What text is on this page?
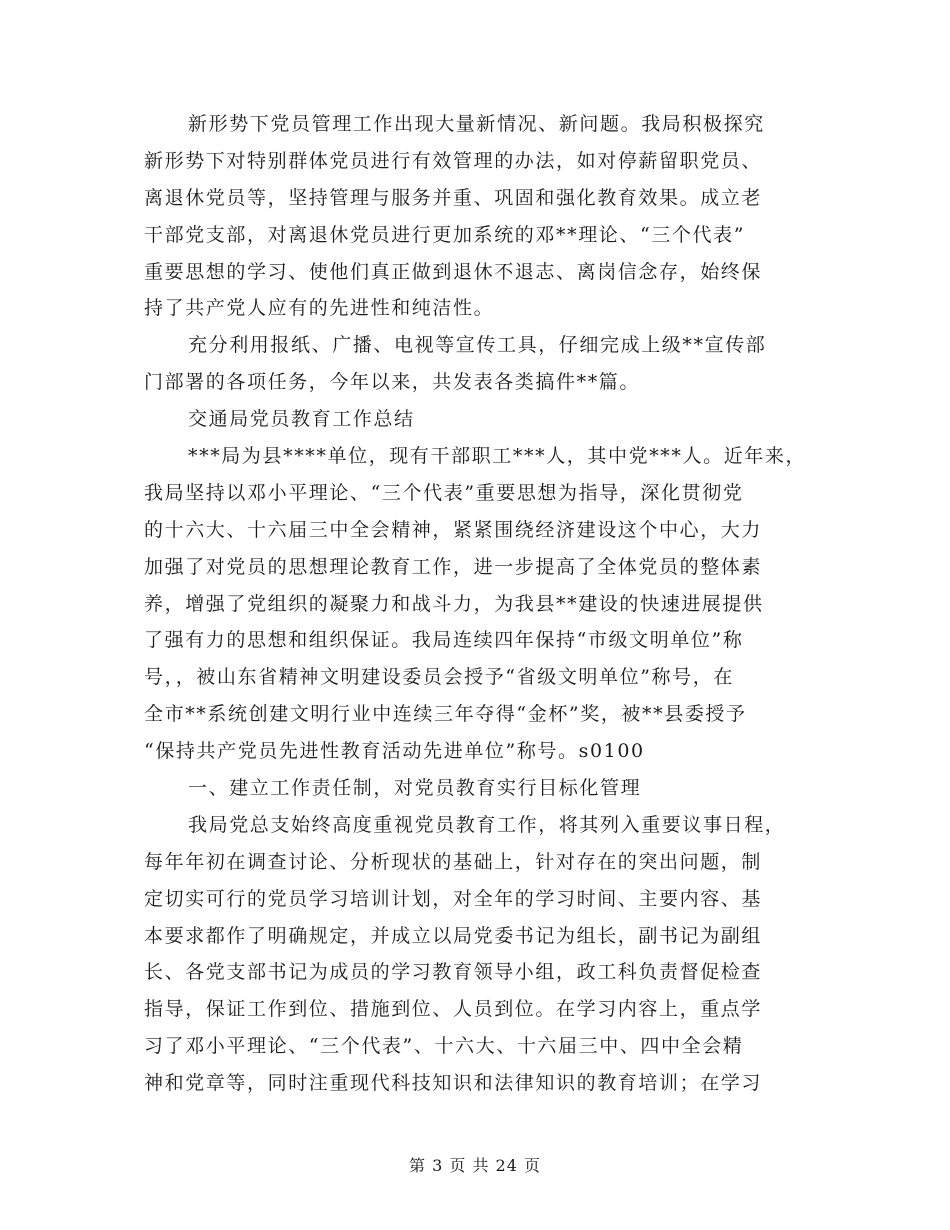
新形势下党员管理工作出现大量新情况、新问题。我局积极探究
新形势下对特别群体党员进行有效管理的办法，如对停薪留职党员、
离退休党员等，坚持管理与服务并重、巩固和强化教育效果。成立老
干部党支部，对离退休党员进行更加系统的邓**理论、“三个代表”
重要思想的学习、使他们真正做到退休不退志、离岗信念存，始终保
持了共产党人应有的先进性和纯洁性。
充分利用报纸、广播、电视等宣传工具，仔细完成上级**宣传部
门部署的各项任务，今年以来，共发表各类搞件**篇。
交通局党员教育工作总结
***局为县****单位，现有干部职工***人，其中党***人。近年来，
我局坚持以邓小平理论、“三个代表”重要思想为指导，深化贯彻党
的十六大、十六届三中全会精神，紧紧围绕经济建设这个中心，大力
加强了对党员的思想理论教育工作，进一步提高了全体党员的整体素
养，增强了党组织的凝聚力和战斗力，为我县**建设的快速进展提供
了强有力的思想和组织保证。我局连续四年保持“市级文明单位”称
号，，被山东省精神文明建设委员会授予“省级文明单位”称号，在
全市**系统创建文明行业中连续三年夺得“金杯”奖，被**县委授予
“保持共产党员先进性教育活动先进单位”称号。s0100
一、建立工作责任制，对党员教育实行目标化管理
我局党总支始终高度重视党员教育工作，将其列入重要议事日程，
每年年初在调查讨论、分析现状的基础上，针对存在的突出问题，制
定切实可行的党员学习培训计划，对全年的学习时间、主要内容、基
本要求都作了明确规定，并成立以局党委书记为组长，副书记为副组
长、各党支部书记为成员的学习教育领导小组，政工科负责督促检查
指导，保证工作到位、措施到位、人员到位。在学习内容上，重点学
习了邓小平理论、“三个代表”、十六大、十六届三中、四中全会精
神和党章等，同时注重现代科技知识和法律知识的教育培训；在学习
第 3 页 共 24 页
